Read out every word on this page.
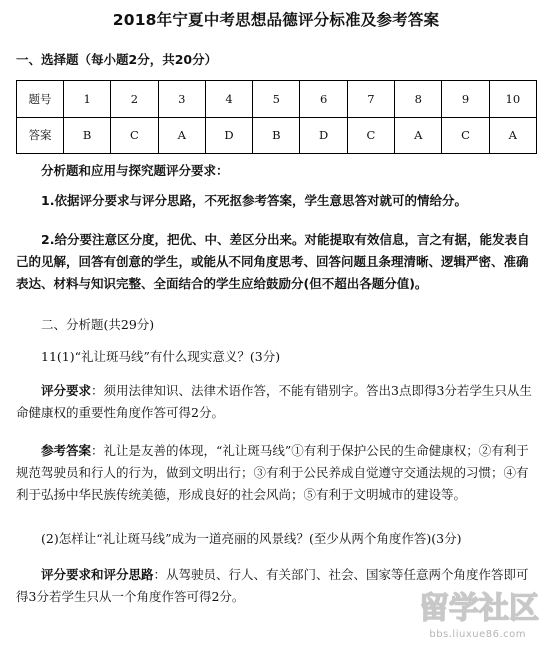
2018年宁夏中考思想品德评分标准及参考答案
一、选择题（每小题2分，共20分）
题号	1	2	3	4	5	6	7	8	9	10
答案	B	C	A	D	B	D	C	A	C	A
分析题和应用与探究题评分要求：
1.依据评分要求与评分思路，不死抠参考答案，学生意思答对就可的情给分。
2.给分要注意区分度，把优、中、差区分出来。对能提取有效信息，言之有据，能发表自己的见解，回答有创意的学生，或能从不同角度思考、回答问题且条理清晰、逻辑严密、准确表达、材料与知识完整、全面结合的学生应给鼓励分(但不超出各题分值)。
二、分析题(共29分)
11(1)“礼让斑马线”有什么现实意义？(3分)
评分要求：须用法律知识、法律术语作答，不能有错别字。答出3点即得3分若学生只从生命健康权的重要性角度作答可得2分。
参考答案：礼让是友善的体现，“礼让斑马线”①有利于保护公民的生命健康权；②有利于规范驾驶员和行人的行为，做到文明出行；③有利于公民养成自觉遵守交通法规的习惯；④有利于弘扬中华民族传统美德，形成良好的社会风尚；⑤有利于文明城市的建设等。
(2)怎样让“礼让斑马线”成为一道亮丽的风景线？(至少从两个角度作答)(3分)
评分要求和评分思路：从驾驶员、行人、有关部门、社会、国家等任意两个角度作答即可得3分若学生只从一个角度作答可得2分。	留学社区
bbs.liuxue86.com
